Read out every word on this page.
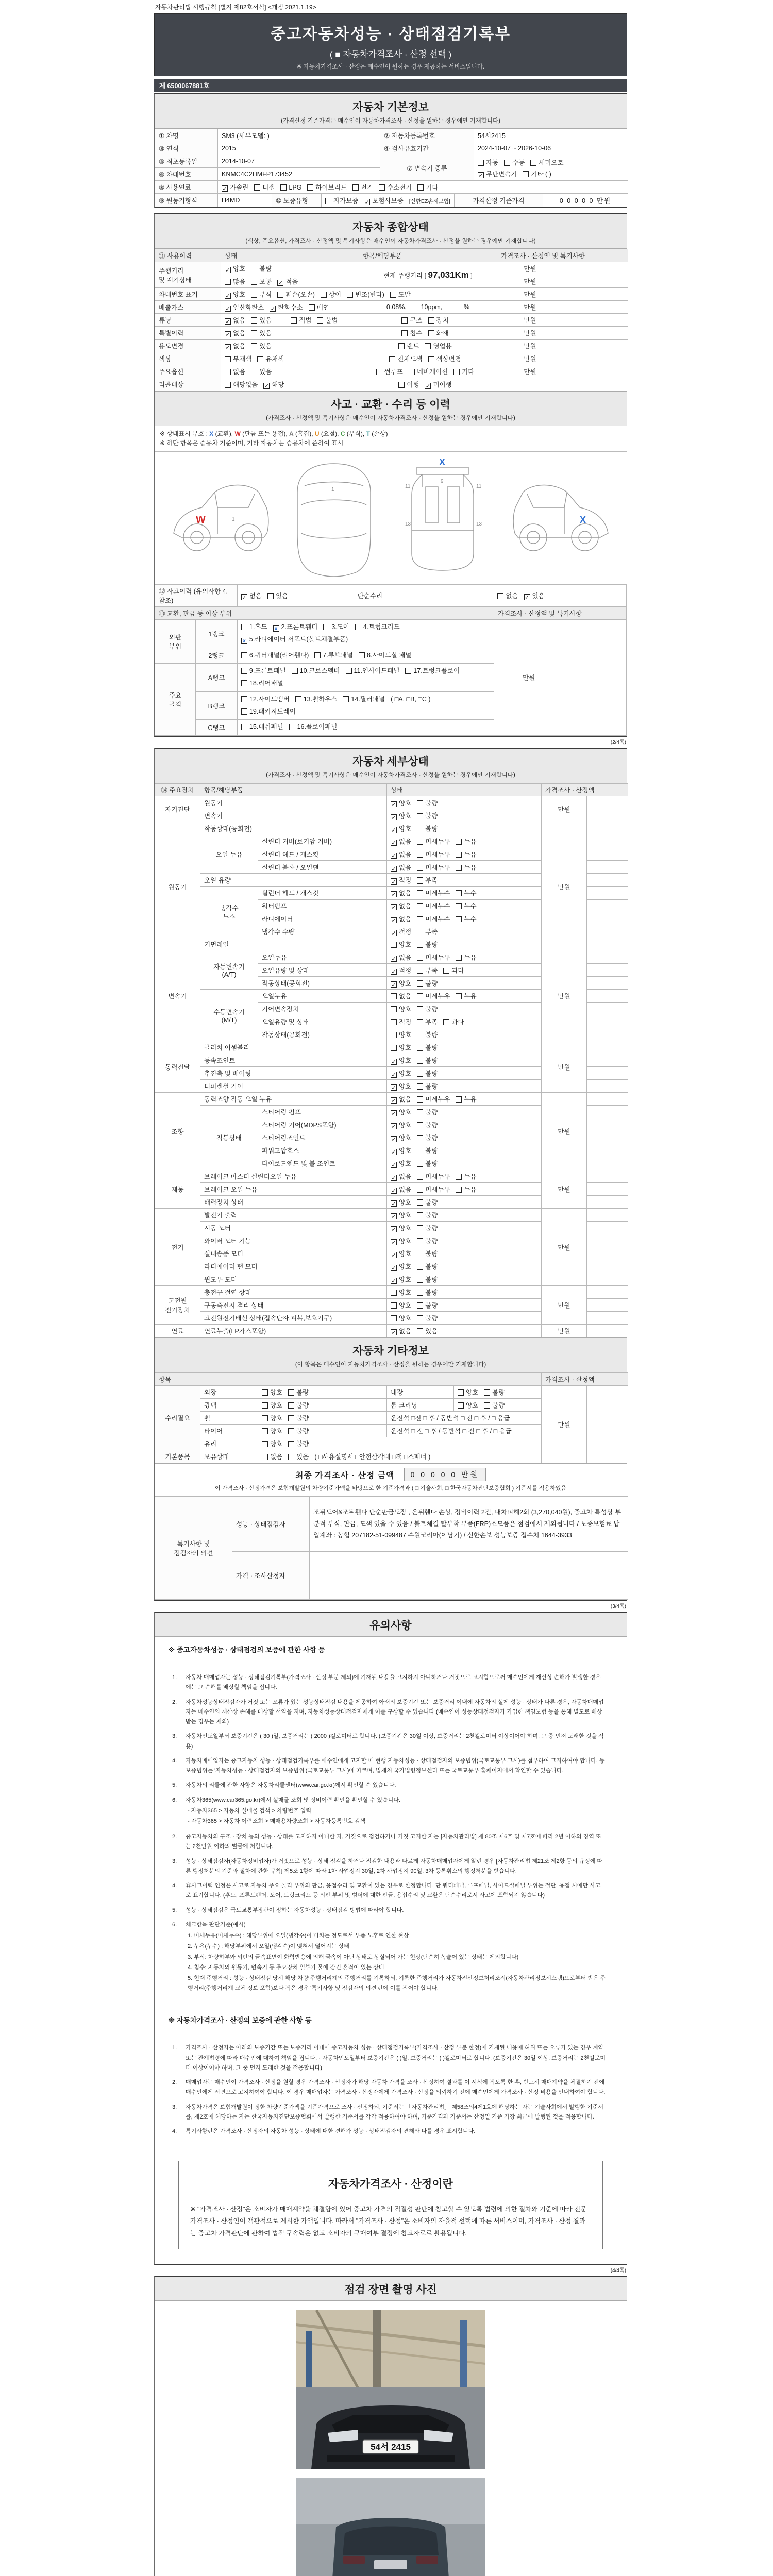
자동차관리법 시행규칙 [별지 제82호서식] <개정 2021.1.19>
중고자동차성능 · 상태점검기록부
( ■ 자동차가격조사 · 산정 선택 )
※ 자동차가격조사 · 산정은 매수인이 원하는 경우 제공하는 서비스입니다.
제 6500067881호
자동차 기본정보
(가격산정 기준가격은 매수인이 자동차가격조사 · 산정을 원하는 경우에만 기재합니다)
① 차명	SM3 (세부모델: )	② 자동차등록번호	54서2415
③ 연식	2015	④ 검사유효기간	2024-10-07 ~ 2026-10-06
⑤ 최초등록일	2014-10-07	⑦ 변속기 종류	자동 수동 세미오토
✓ 무단변속기 기타 ( )

⑥ 차대번호	KNMC4C2HMFP173452		
⑧ 사용연료	✓ 가솔린 디젤 LPG 하이브리드 전기 수소전기 기타		
⑨ 원동기형식	H4MD	⑩ 보증유형	자가보증 ✓ 보험사보증 [신한EZ손해보험]	가격산정 기준가격	0 0 0 0 0 만원
자동차 종합상태
(색상, 주요옵션, 가격조사 · 산정액 및 특기사항은 매수인이 자동차가격조사 · 산정을 원하는 경우에만 기재합니다)
⑪ 사용이력	상태	항목/해당부품	가격조사 · 산정액 및 특기사항	
주행거리
및 계기상태	✓ 양호 불량	현재 주행거리 [ 97,031Km ]	만원	
	많음 보통 ✓ 적음		만원	
차대번호 표기	✓ 양호 부식 훼손(오손) 상이 변조(변타) 도말		만원	
배출가스	✓ 일산화탄소 ✓ 탄화수소 매연	0.08%,        10ppm,            %	만원	
튜닝	✓ 없음 있음 적법 불법	구조 장치	만원	
특별이력	✓ 없음 있음	침수 화재	만원	
용도변경	✓ 없음 있음	렌트 영업용	만원	
색상	무채색 유채색	전체도색 색상변경	만원	
주요옵션	없음 있음	썬루프 네비게이션 기타	만원	
리콜대상	해당없음 ✓ 해당	이행 ✓ 미이행		
사고 · 교환 · 수리 등 이력
(가격조사 · 산정액 및 특기사항은 매수인이 자동차가격조사 · 산정을 원하는 경우에만 기재합니다)
※ 상태표시 부호 : X (교환), W (판금 또는 용접), A (흠집), U (요철), C (부식), T (손상)
※ 하단 항목은 승용차 기준이며, 기타 자동차는 승용차에 준하여 표시
W	1
1
X
11	11
13	13
9
X
⑫ 사고이력 (유의사항 4.참조)		✓ 없음 있음 단순수리	없음 ✓ 있음	
⑬ 교환, 판금 등 이상 부위			가격조사 · 산정액 및 특기사항	
외판
부위	1랭크	1.후드 x 2.프론트휀더 3.도어 4.트렁크리드
x 5.라디에이터 서포트(볼트체결부품)	만원	
	2랭크	6.쿼터패널(리어휀다) 7.루브패널 8.사이드실 패널		
주요
골격	A랭크	9.프론트패널 10.크로스멤버 11.인사이드패널 17.트렁크플로어
18.리어패널		
	B랭크	12.사이드멤버 13.휠하우스 14.필러패널 ( □A, □B, □C )
19.패키지트레이		
	C랭크	15.대쉬패널 16.플로어패널		
(2/4쪽)
자동차 세부상태
(가격조사 · 산정액 및 특기사항은 매수인이 자동차가격조사 · 산정을 원하는 경우에만 기재합니다)
⑭ 주요장치	항목/해당부품		상태	가격조사 · 산정액	
자기진단	원동기		✓ 양호 불량	만원	
	변속기		✓ 양호 불량		
원동기	작동상태(공회전)		✓ 양호 불량	만원	
	오일 누유	실린더 커버(로커암 커버)	✓ 없음 미세누유 누유		
		실린더 헤드 / 개스킷	✓ 없음 미세누유 누유		
		실린더 블록 / 오일팬	✓ 없음 미세누유 누유		
	오일 유량		✓ 적정 부족		
	냉각수
누수	실린더 헤드 / 개스킷	✓ 없음 미세누수 누수		
		워터펌프	✓ 없음 미세누수 누수		
		라디에이터	✓ 없음 미세누수 누수		
		냉각수 수량	✓ 적정 부족		
	커먼레일		양호 불량		
변속기	자동변속기
(A/T)	오일누유	✓ 없음 미세누유 누유	만원	
		오일유량 및 상태	✓ 적정 부족 과다		
		작동상태(공회전)	✓ 양호 불량		
	수동변속기
(M/T)	오일누유	없음 미세누유 누유		
		기어변속장치	양호 불량		
		오일유량 및 상태	적정 부족 과다		
		작동상태(공회전)	양호 불량		
동력전달	클러치 어셈블리		양호 불량	만원	
	등속조인트		✓ 양호 불량		
	추진축 및 베어링		✓ 양호 불량		
	디퍼렌셜 기어		✓ 양호 불량		
조향	동력조향 작동 오일 누유		✓ 없음 미세누유 누유	만원	
	작동상태	스티어링 펌프	✓ 양호 불량		
		스티어링 기어(MDPS포함)	✓ 양호 불량		
		스티어링조인트	✓ 양호 불량		
		파워고압호스	✓ 양호 불량		
		타이로드엔드 및 볼 조인트	✓ 양호 불량		
제동	브레이크 마스터 실린더오일 누유		✓ 없음 미세누유 누유	만원	
	브레이크 오일 누유		✓ 없음 미세누유 누유		
	배력장치 상태		✓ 양호 불량		
전기	발전기 출력		✓ 양호 불량	만원	
	시동 모터		✓ 양호 불량		
	와이퍼 모터 기능		✓ 양호 불량		
	실내송풍 모터		✓ 양호 불량		
	라디에이터 팬 모터		✓ 양호 불량		
	윈도우 모터		✓ 양호 불량		
고전원
전기장치	충전구 절연 상태		양호 불량	만원	
	구동축전지 격리 상태		양호 불량		
	고전원전기배선 상태(접속단자,피복,보호기구)		양호 불량		
연료	연료누출(LP가스포함)		✓ 없음 있음	만원	
자동차 기타정보
(이 항목은 매수인이 자동차가격조사 · 산정을 원하는 경우에만 기재합니다)
항목					가격조사 · 산정액	
수리필요	외장	양호 불량	내장	양호 불량	만원	
	광택	양호 불량	룸 크리닝	양호 불량		
	휠	양호 불량	운전석 □전 □ 후 / 동반석 □ 전 □ 후 / □ 응급			
	타이어	양호 불량	운전석 □ 전 □ 후 / 동반석 □ 전 □ 후 / □ 응급			
	유리	양호 불량				
기본품목	보유상태	없음 있음 ( □사용설명서 □안전삼각대 □잭 □스패너 )				
최종 가격조사 · 산정 금액	0 0 0 0 0 만원
이 가격조사 · 산정가격은 보험개발원의 차량기준가액을 바탕으로 한 기준가격과 ( □ 기술사회, □ 한국자동차진단보증협회 ) 기준서를 적용하였음
특기사항 및
점검자의 의견	성능 · 상태점검자	조뒤도어&조뒤휀다 단순판금도장 , 운뒤휀다 손상, 정비이력 2건, 내차피해2회 (3,270,040원), 중고차 특성상 부분적 부식, 판금, 도색 있을 수 있음 / 볼트체결 탈부착 부품(FRP)소모품은 점검에서 제외됩니다 / 보증보험료 납입계좌 : 농협 207182-51-099487 수원코리아(이남기) / 신한손보 성능보증 접수처 1644-3933
	가격 · 조사산정자	
(3/4쪽)
유의사항
※ 중고자동차성능 · 상태점검의 보증에 관한 사항 등
1.	자동차 매매업자는 성능 · 상태점검기록부(가격조사 · 산정 부분 제외)에 기재된 내용을 고지하지 아니하거나 거짓으로 고지함으로써 매수인에게 재산상 손해가 발생한 경우에는 그 손해를 배상할 책임을 집니다.
2.	자동차성능상태점검자가 거짓 또는 오류가 있는 성능상태점검 내용을 제공하여 아래의 보증기간 또는 보증거리 이내에 자동차의 실제 성능 · 상태가 다른 경우, 자동차매매업자는 매수인의 재산상 손해를 배상할 책임을 지며, 자동차성능상태점검자에게 이를 구상할 수 있습니다.(매수인이 성능상태점검자가 가입한 책임보험 등을 통해 별도로 배상받는 경우는 제외)
3.	자동차인도일부터 보증기간은 ( 30 )일, 보증거리는 ( 2000 )킬로미터로 합니다. (보증기간은 30일 이상, 보증거리는 2천킬로미터 이상이어야 하며, 그 중 먼저 도래한 것을 적용)
4.	자동차매매업자는 중고자동차 성능 · 상태점검기록부를 매수인에게 고지할 때 현행 자동차성능 · 상태점검자의 보증범위(국토교통부 고시)를 첨부하여 고지하여야 합니다. 동 보증범위는 '자동차성능 · 상태점검자의 보증범위'(국토교통부 고시)에 따르며, 법제처 국가법령정보센터 또는 국토교통부 홈페이지에서 확인할 수 있습니다.
5.	자동차의 리콜에 관한 사항은 자동차리콜센터(www.car.go.kr)에서 확인할 수 있습니다.
6.	자동차365(www.car365.go.kr)에서 실매물 조회 및 정비이력 확인을 확인할 수 있습니다.
- 자동차365 > 자동차 실매물 검색 > 차량번호 입력
- 자동차365 > 자동차 이력조회 > 매매용차량조회 > 자동차등록번호 검색
2.	중고자동차의 구조 · 장치 등의 성능 · 상태를 고지하지 아니한 자, 거짓으로 점검하거나 거짓 고지한 자는 [자동차관리법] 제 80조 제6호 및 제7호에 따라 2년 이하의 징역 또는 2천만원 이하의 벌금에 처합니다.
3.	성능 · 상태점검자(자동차정비업자)가 거짓으로 성능 · 상태 점검을 하거나 점검한 내용과 다르게 자동차매매업자에게 알린 경우 [자동차관리법 제21조 제2항 등의 규정에 따른 행정처분의 기준과 절차에 관한 규칙] 제5조 1항에 따라 1차 사업정지 30일, 2차 사업정지 90일, 3차 등록취소의 행정처분을 받습니다.
4.	⑫사고이력 인정은 사고로 자동차 주요 골격 부위의 판금, 용접수리 및 교환이 있는 경우로 한정합니다. 단 쿼터패널, 루프패널, 사이드실패널 부위는 절단, 용접 시에만 사고로 표기합니다. (후드, 프론트펜더, 도어, 트렁크리드 등 외판 부위 및 범퍼에 대한 판금, 용접수리 및 교환은 단순수리로서 사고에 포함되지 않습니다)
5.	성능 · 상태점검은 국토교통부장관이 정하는 자동차성능 · 상태점검 방법에 따라야 합니다.
6.	체크항목 판단기준(예시)
1. 미세누유(미세누수) : 해당부위에 오일(냉각수)이 비치는 정도로서 부품 노후로 인한 현상
2. 누유(누수) : 해당부위에서 오일(냉각수)이 맺혀서 떨어지는 상태
3. 부식: 차량하부와 외판의 금속표면이 화학반응에 의해 금속이 아닌 상태로 상실되어 가는 현상(단순히 녹슬어 있는 상태는 제외합니다)
4. 침수: 자동차의 원동기, 변속기 등 주요장치 일부가 물에 잠긴 흔적이 있는 상태
5. 현재 주행거리 : 성능 · 상태점검 당시 해당 차량 주행거리계의 주행거리를 기록하되, 기록한 주행거리가 자동차전산정보처리조직(자동차관리정보시스템)으로부터 받은 주행거리(주행거리계 교체 정보 포함)보다 적은 경우 '특기사항 및 점검자의 의견'란에 이를 적어야 합니다.
※ 자동차가격조사 · 산정의 보증에 관한 사항 등
1.	가격조사 · 산정자는 아래의 보증기간 또는 보증거리 이내에 중고자동차 성능 · 상태점검기록부(가격조사 · 산정 부분 한정)에 기재된 내용에 허위 또는 오류가 있는 경우 계약 또는 관계법령에 따라 매수인에 대하여 책임을 집니다. · 자동차인도일부터 보증기간은 ( )일, 보증거리는 ( )킬로미터로 합니다. (보증기간은 30일 이상, 보증거리는 2천킬로미터 이상이어야 하며, 그 중 먼저 도래한 것을 적용합니다)
2.	매매업자는 매수인이 가격조사 · 산정을 원할 경우 가격조사 · 산정자가 해당 자동차 가격을 조사 · 산정하여 결과를 이 서식에 적도록 한 후, 반드시 매매계약을 체결하기 전에 매수인에게 서면으로 고지하여야 합니다. 이 경우 매매업자는 가격조사 · 산정자에게 가격조사 · 산정을 의뢰하기 전에 매수인에게 가격조사 · 산정 비용을 안내하여야 합니다.
3.	자동차가격은 보험개발원이 정한 차량기준가액을 기준가격으로 조사 · 산정하되, 기준서는 「자동차관리법」 제58조의4제1호에 해당하는 자는 기술사회에서 발행한 기준서를, 제2호에 해당하는 자는 한국자동차진단보증협회에서 발행한 기준서를 각각 적용하여야 하며, 기준가격과 기준서는 산정일 기준 가장 최근에 발행된 것을 적용합니다.
4.	특기사항란은 가격조사 · 산정자의 자동차 성능 · 상태에 대한 견해가 성능 · 상태점검자의 견해와 다를 경우 표시합니다.
자동차가격조사 · 산정이란
※ "가격조사 · 산정"은 소비자가 매매계약을 체결함에 있어 중고차 가격의 적절성 판단에 참고할 수 있도록 법령에 의한 절차와 기준에 따라 전문 가격조사 · 산정인이 객관적으로 제시한 가액입니다. 따라서 "가격조사 · 산정"은 소비자의 자율적 선택에 따른 서비스이며, 가격조사 · 산정 결과는 중고차 가격판단에 관하여 법적 구속력은 없고 소비자의 구매여부 결정에 참고자료로 활용됩니다.
(4/4쪽)
점검 장면 촬영 사진
54서 2415
